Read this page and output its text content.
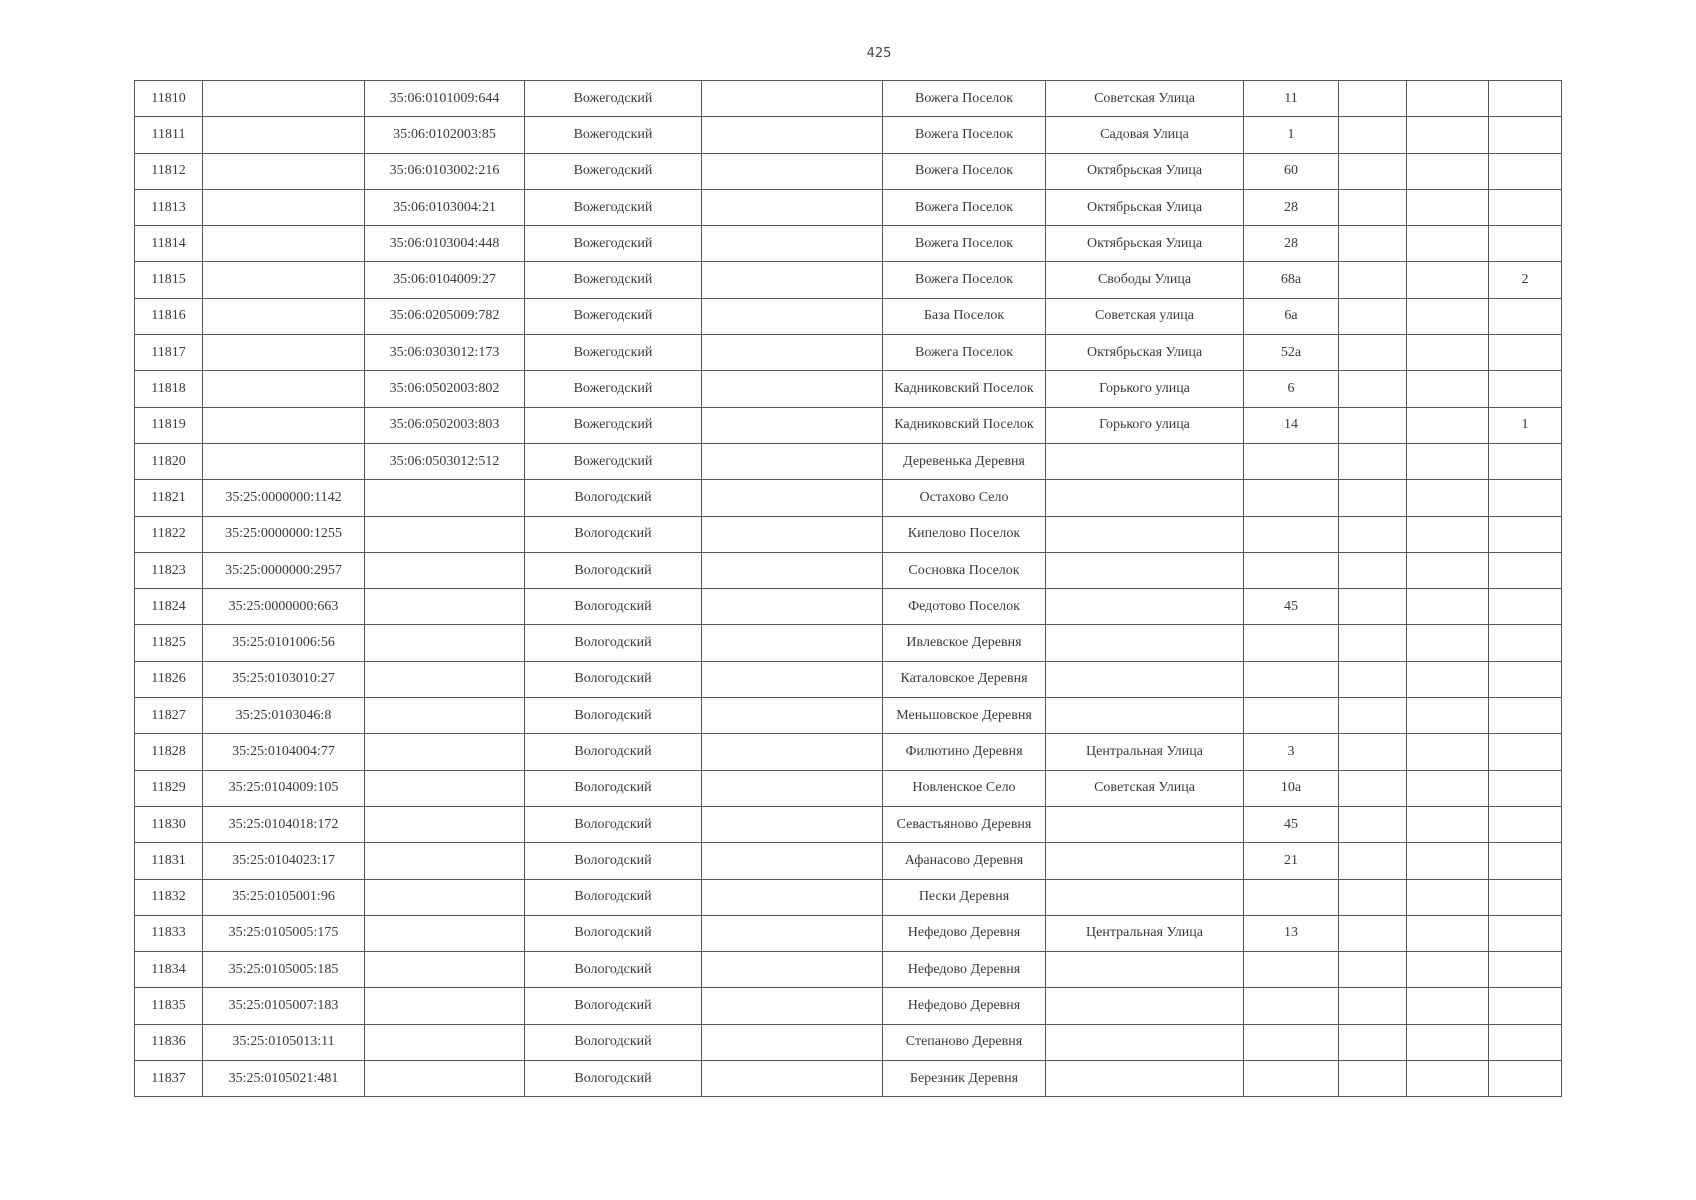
425
11810		35:06:0101009:644	Вожегодский		Вожега Поселок	Советская Улица	11			
11811		35:06:0102003:85	Вожегодский		Вожега Поселок	Садовая Улица	1			
11812		35:06:0103002:216	Вожегодский		Вожега Поселок	Октябрьская Улица	60			
11813		35:06:0103004:21	Вожегодский		Вожега Поселок	Октябрьская Улица	28			
11814		35:06:0103004:448	Вожегодский		Вожега Поселок	Октябрьская Улица	28			
11815		35:06:0104009:27	Вожегодский		Вожега Поселок	Свободы Улица	68а			2
11816		35:06:0205009:782	Вожегодский		База Поселок	Советская улица	6а			
11817		35:06:0303012:173	Вожегодский		Вожега Поселок	Октябрьская Улица	52а			
11818		35:06:0502003:802	Вожегодский		Кадниковский Поселок	Горького улица	6			
11819		35:06:0502003:803	Вожегодский		Кадниковский Поселок	Горького улица	14			1
11820		35:06:0503012:512	Вожегодский		Деревенька Деревня					
11821	35:25:0000000:1142		Вологодский		Остахово Село					
11822	35:25:0000000:1255		Вологодский		Кипелово Поселок					
11823	35:25:0000000:2957		Вологодский		Сосновка Поселок					
11824	35:25:0000000:663		Вологодский		Федотово Поселок		45			
11825	35:25:0101006:56		Вологодский		Ивлевское Деревня					
11826	35:25:0103010:27		Вологодский		Каталовское Деревня					
11827	35:25:0103046:8		Вологодский		Меньшовское Деревня					
11828	35:25:0104004:77		Вологодский		Филютино Деревня	Центральная Улица	3			
11829	35:25:0104009:105		Вологодский		Новленское Село	Советская Улица	10а			
11830	35:25:0104018:172		Вологодский		Севастьяново Деревня		45			
11831	35:25:0104023:17		Вологодский		Афанасово Деревня		21			
11832	35:25:0105001:96		Вологодский		Пески Деревня					
11833	35:25:0105005:175		Вологодский		Нефедово Деревня	Центральная Улица	13			
11834	35:25:0105005:185		Вологодский		Нефедово Деревня					
11835	35:25:0105007:183		Вологодский		Нефедово Деревня					
11836	35:25:0105013:11		Вологодский		Степаново Деревня					
11837	35:25:0105021:481		Вологодский		Березник Деревня					
